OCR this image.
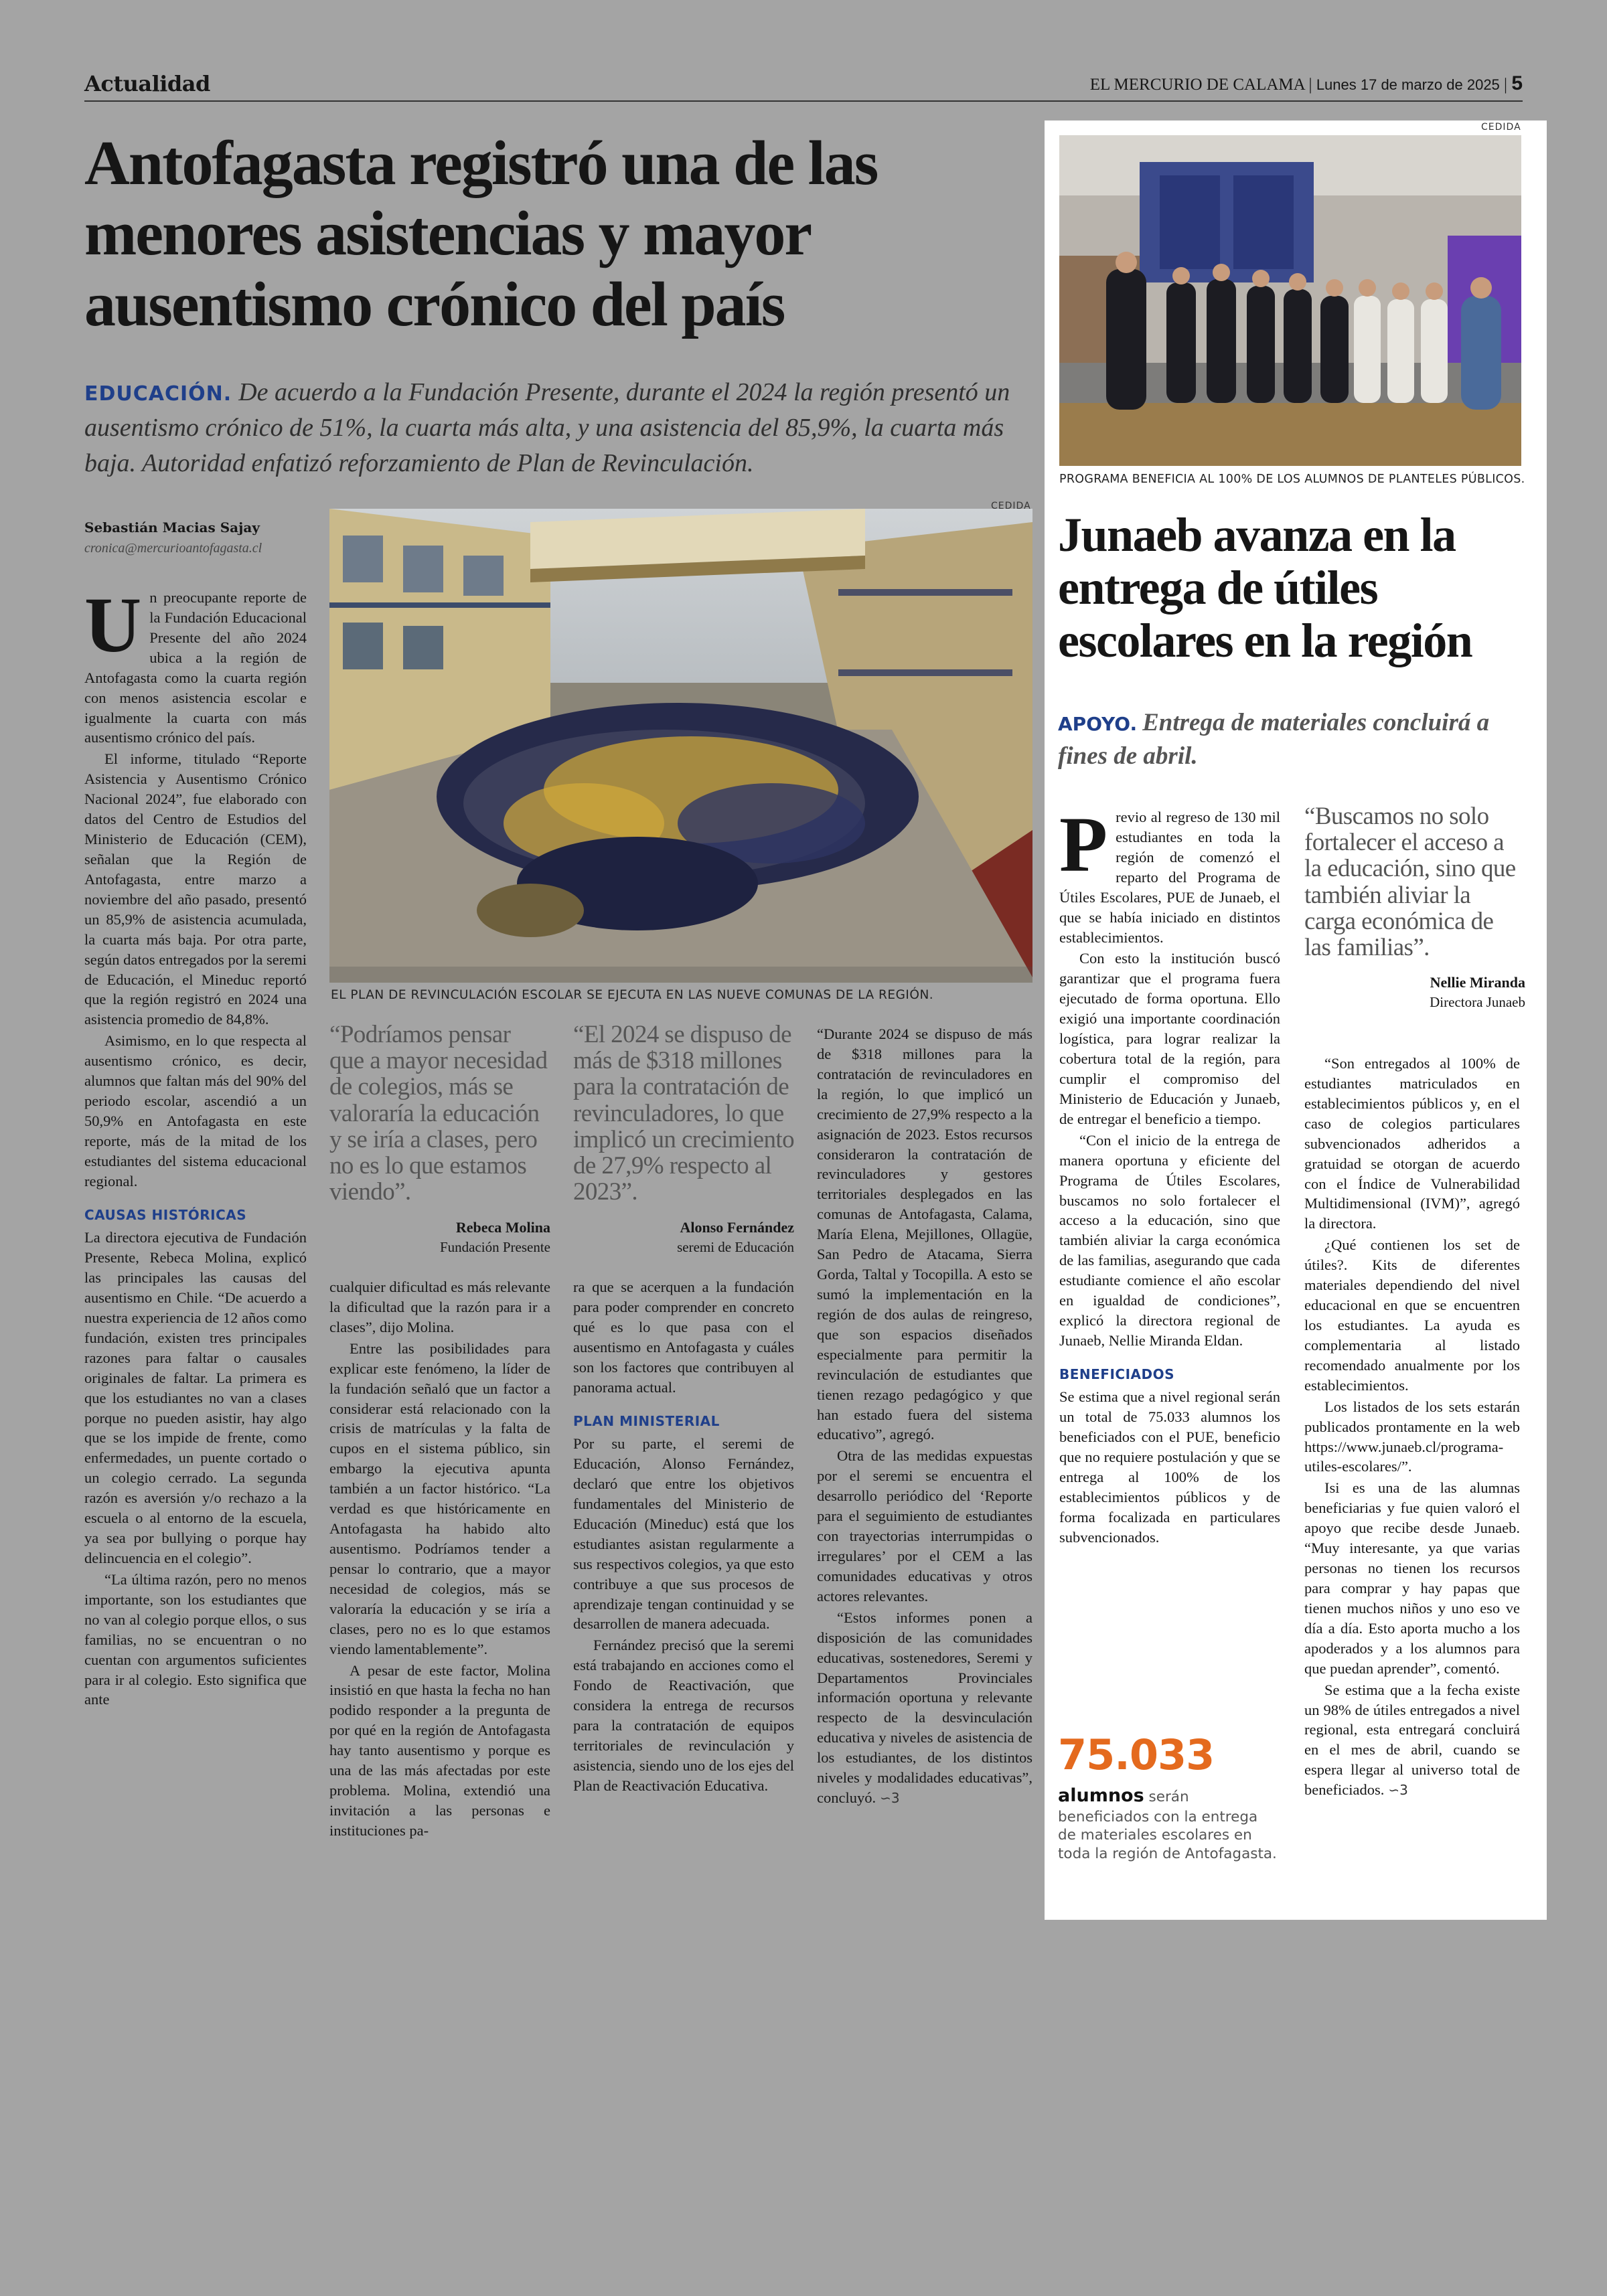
Actualidad	EL MERCURIO DE CALAMA | Lunes 17 de marzo de 2025 | 5
Antofagasta registró una de las menores asistencias y mayor ausentismo crónico del país
EDUCACIÓN. De acuerdo a la Fundación Presente, durante el 2024 la región presentó un ausentismo crónico de 51%, la cuarta más alta, y una asistencia del 85,9%, la cuarta más baja. Autoridad enfatizó reforzamiento de Plan de Revinculación.
Sebastián Macias Sajay
cronica@mercurioantofagasta.cl
CEDIDA
EL PLAN DE REVINCULACIÓN ESCOLAR SE EJECUTA EN LAS NUEVE COMUNAS DE LA REGIÓN.

Un preocupante reporte de la Fundación Educacional Presente del año 2024 ubica a la región de Antofagasta como la cuarta región con menos asistencia escolar e igualmente la cuarta con más ausentismo crónico del país.

El informe, titulado “Reporte Asistencia y Ausentismo Crónico Nacional 2024”, fue elaborado con datos del Centro de Estudios del Ministerio de Educación (CEM), señalan que la Región de Antofagasta, entre marzo a noviembre del año pasado, presentó un 85,9% de asistencia acumulada, la cuarta más baja. Por otra parte, según datos entregados por la seremi de Educación, el Mineduc reportó que la región registró en 2024 una asistencia promedio de 84,8%.

Asimismo, en lo que respecta al ausentismo crónico, es decir, alumnos que faltan más del 90% del periodo escolar, ascendió a un 50,9% en Antofagasta en este reporte, más de la mitad de los estudiantes del sistema educacional regional.

CAUSAS HISTÓRICAS

La directora ejecutiva de Fundación Presente, Rebeca Molina, explicó las principales las causas del ausentismo en Chile. “De acuerdo a nuestra experiencia de 12 años como fundación, existen tres principales razones para faltar o causales originales de faltar. La primera es que los estudiantes no van a clases porque no pueden asistir, hay algo que se los impide de frente, como enfermedades, un puente cortado o un colegio cerrado. La segunda razón es aversión y/o rechazo a la escuela o al entorno de la escuela, ya sea por bullying o porque hay delincuencia en el colegio”.

“La última razón, pero no menos importante, son los estudiantes que no van al colegio porque ellos, o sus familias, no se encuentran o no cuentan con argumentos suficientes para ir al colegio. Esto significa que ante

“Podríamos pensar que a mayor necesidad de colegios, más se valoraría la educación y se iría a clases, pero no es lo que estamos viendo”.
Rebeca Molina
Fundación Presente
“El 2024 se dispuso de más de $318 millones para la contratación de revinculadores, lo que implicó un crecimiento de 27,9% respecto al 2023”.
Alonso Fernández
seremi de Educación

cualquier dificultad es más relevante la dificultad que la razón para ir a clases”, dijo Molina.

Entre las posibilidades para explicar este fenómeno, la líder de la fundación señaló que un factor a considerar está relacionado con la crisis de matrículas y la falta de cupos en el sistema público, sin embargo la ejecutiva apunta también a un factor histórico. “La verdad es que históricamente en Antofagasta ha habido alto ausentismo. Podríamos tender a pensar lo contrario, que a mayor necesidad de colegios, más se valoraría la educación y se iría a clases, pero no es lo que estamos viendo lamentablemente”.

A pesar de este factor, Molina insistió en que hasta la fecha no han podido responder a la pregunta de por qué en la región de Antofagasta hay tanto ausentismo y porque es una de las más afectadas por este problema. Molina, extendió una invitación a las personas e instituciones pa-

ra que se acerquen a la fundación para poder comprender en concreto qué es lo que pasa con el ausentismo en Antofagasta y cuáles son los factores que contribuyen al panorama actual.

PLAN MINISTERIAL

Por su parte, el seremi de Educación, Alonso Fernández, declaró que entre los objetivos fundamentales del Ministerio de Educación (Mineduc) está que los estudiantes asistan regularmente a sus respectivos colegios, ya que esto contribuye a que sus procesos de aprendizaje tengan continuidad y se desarrollen de manera adecuada.

Fernández precisó que la seremi está trabajando en acciones como el Fondo de Reactivación, que considera la entrega de recursos para la contratación de equipos territoriales de revinculación y asistencia, siendo uno de los ejes del Plan de Reactivación Educativa.

“Durante 2024 se dispuso de más de $318 millones para la contratación de revinculadores en la región, lo que implicó un crecimiento de 27,9% respecto a la asignación de 2023. Estos recursos consideraron la contratación de revinculadores y gestores territoriales desplegados en las comunas de Antofagasta, Calama, María Elena, Mejillones, Ollagüe, San Pedro de Atacama, Sierra Gorda, Taltal y Tocopilla. A esto se sumó la implementación en la región de dos aulas de reingreso, que son espacios diseñados especialmente para permitir la revinculación de estudiantes que tienen rezago pedagógico y que han estado fuera del sistema educativo”, agregó.

Otra de las medidas expuestas por el seremi se encuentra el desarrollo periódico del ‘Reporte para el seguimiento de estudiantes con trayectorias interrumpidas o irregulares’ por el CEM a las comunidades educativas y otros actores relevantes.

“Estos informes ponen a disposición de las comunidades educativas, sostenedores, Seremi y Departamentos Provinciales información oportuna y relevante respecto de la desvinculación educativa y niveles de asistencia de los estudiantes, de los distintos niveles y modalidades educativas”, concluyó. ∽3

CEDIDA
PROGRAMA BENEFICIA AL 100% DE LOS ALUMNOS DE PLANTELES PÚBLICOS.
Junaeb avanza en la entrega de útiles escolares en la región
APOYO. Entrega de materiales concluirá a fines de abril.

Previo al regreso de 130 mil estudiantes en toda la región de comenzó el reparto del Programa de Útiles Escolares, PUE de Junaeb, el que se había iniciado en distintos establecimientos.

Con esto la institución buscó garantizar que el programa fuera ejecutado de forma oportuna. Ello exigió una importante coordinación logística, para lograr realizar la cobertura total de la región, para cumplir el compromiso del Ministerio de Educación y Junaeb, de entregar el beneficio a tiempo.

“Con el inicio de la entrega de manera oportuna y eficiente del Programa de Útiles Escolares, buscamos no solo fortalecer el acceso a la educación, sino que también aliviar la carga económica de las familias, asegurando que cada estudiante comience el año escolar en igualdad de condiciones”, explicó la directora regional de Junaeb, Nellie Miranda Eldan.

BENEFICIADOS

Se estima que a nivel regional serán un total de 75.033 alumnos los beneficiados con el PUE, beneficio que no requiere postulación y que se entrega al 100% de los establecimientos públicos y de forma focalizada en particulares subvencionados.

“Buscamos no solo fortalecer el acceso a la educación, sino que también aliviar la carga económica de las familias”.
Nellie Miranda
Directora Junaeb

“Son entregados al 100% de estudiantes matriculados en establecimientos públicos y, en el caso de colegios particulares subvencionados adheridos a gratuidad se otorgan de acuerdo con el Índice de Vulnerabilidad Multidimensional (IVM)”, agregó la directora.

¿Qué contienen los set de útiles?. Kits de diferentes materiales dependiendo del nivel educacional en que se encuentren los estudiantes. La ayuda es complementaria al listado recomendado anualmente por los establecimientos.

Los listados de los sets estarán publicados prontamente en la web https://www.junaeb.cl/programa-utiles-escolares/”.

Isi es una de las alumnas beneficiarias y fue quien valoró el apoyo que recibe desde Junaeb. “Muy interesante, ya que varias personas no tienen los recursos para comprar y hay papas que tienen muchos niños y uno eso ve día a día. Esto aporta mucho a los apoderados y a los alumnos para que puedan aprender”, comentó.

Se estima que a la fecha existe un 98% de útiles entregados a nivel regional, esta entregará concluirá en el mes de abril, cuando se espera llegar al universo total de beneficiados. ∽3

75.033
alumnos serán beneficiados con la entrega de materiales escolares en toda la región de Antofagasta.
